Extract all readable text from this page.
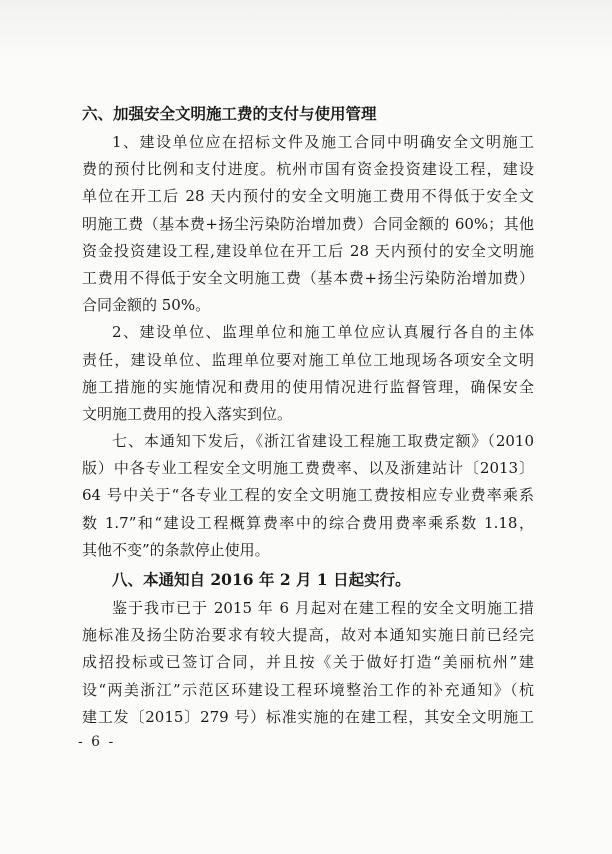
六、加强安全文明施工费的支付与使用管理
1、建设单位应在招标文件及施工合同中明确安全文明施工
费的预付比例和支付进度。杭州市国有资金投资建设工程，建设
单位在开工后 28 天内预付的安全文明施工费用不得低于安全文
明施工费（基本费+扬尘污染防治增加费）合同金额的 60%；其他
资金投资建设工程,建设单位在开工后 28 天内预付的安全文明施
工费用不得低于安全文明施工费（基本费+扬尘污染防治增加费）
合同金额的 50%。
2、建设单位、监理单位和施工单位应认真履行各自的主体
责任，建设单位、监理单位要对施工单位工地现场各项安全文明
施工措施的实施情况和费用的使用情况进行监督管理，确保安全
文明施工费用的投入落实到位。
七、本通知下发后，《浙江省建设工程施工取费定额》（2010
版）中各专业工程安全文明施工费费率、以及浙建站计〔2013〕
64 号中关于“各专业工程的安全文明施工费按相应专业费率乘系
数 1.7”和“建设工程概算费率中的综合费用费率乘系数 1.18，
其他不变”的条款停止使用。
八、本通知自 2016 年 2 月 1 日起实行。
鉴于我市已于 2015 年 6 月起对在建工程的安全文明施工措
施标准及扬尘防治要求有较大提高，故对本通知实施日前已经完
成招投标或已签订合同，并且按《关于做好打造“美丽杭州”建
设“两美浙江”示范区环建设工程环境整治工作的补充通知》（杭
建工发〔2015〕279 号）标准实施的在建工程，其安全文明施工
- 6 -
